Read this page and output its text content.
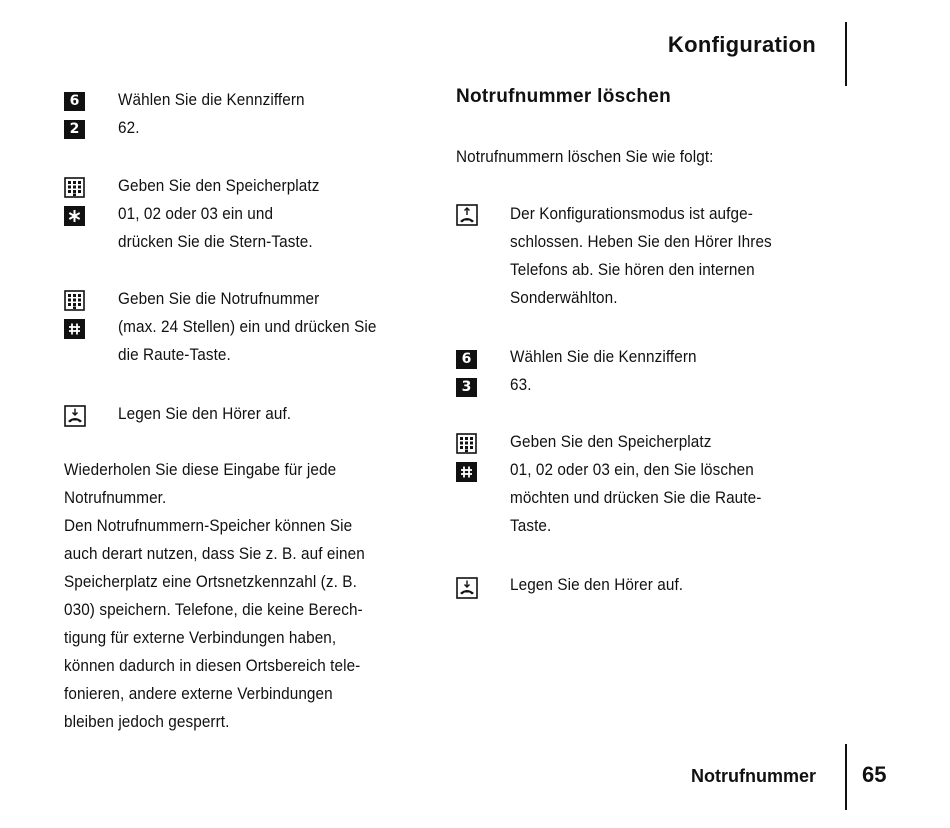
Konfiguration
6
2
Wählen Sie die Kennziffern
62.
Geben Sie den Speicherplatz
01, 02 oder 03 ein und
drücken Sie die Stern-Taste.
Geben Sie die Notrufnummer
(max. 24 Stellen) ein und drücken Sie
die Raute-Taste.
Legen Sie den Hörer auf.
Wiederholen Sie diese Eingabe für jede
Notrufnummer.
Den Notrufnummern-Speicher können Sie
auch derart nutzen, dass Sie z. B. auf einen
Speicherplatz eine Ortsnetzkennzahl (z. B.
030) speichern. Telefone, die keine Berech-
tigung für externe Verbindungen haben,
können dadurch in diesen Ortsbereich tele-
fonieren, andere externe Verbindungen
bleiben jedoch gesperrt.
Notrufnummer löschen
Notrufnummern löschen Sie wie folgt:
Der Konfigurationsmodus ist aufge-
schlossen. Heben Sie den Hörer Ihres
Telefons ab. Sie hören den internen
Sonderwählton.
6
3
Wählen Sie die Kennziffern
63.
Geben Sie den Speicherplatz
01, 02 oder 03 ein, den Sie löschen
möchten und drücken Sie die Raute-
Taste.
Legen Sie den Hörer auf.
Notrufnummer 65
